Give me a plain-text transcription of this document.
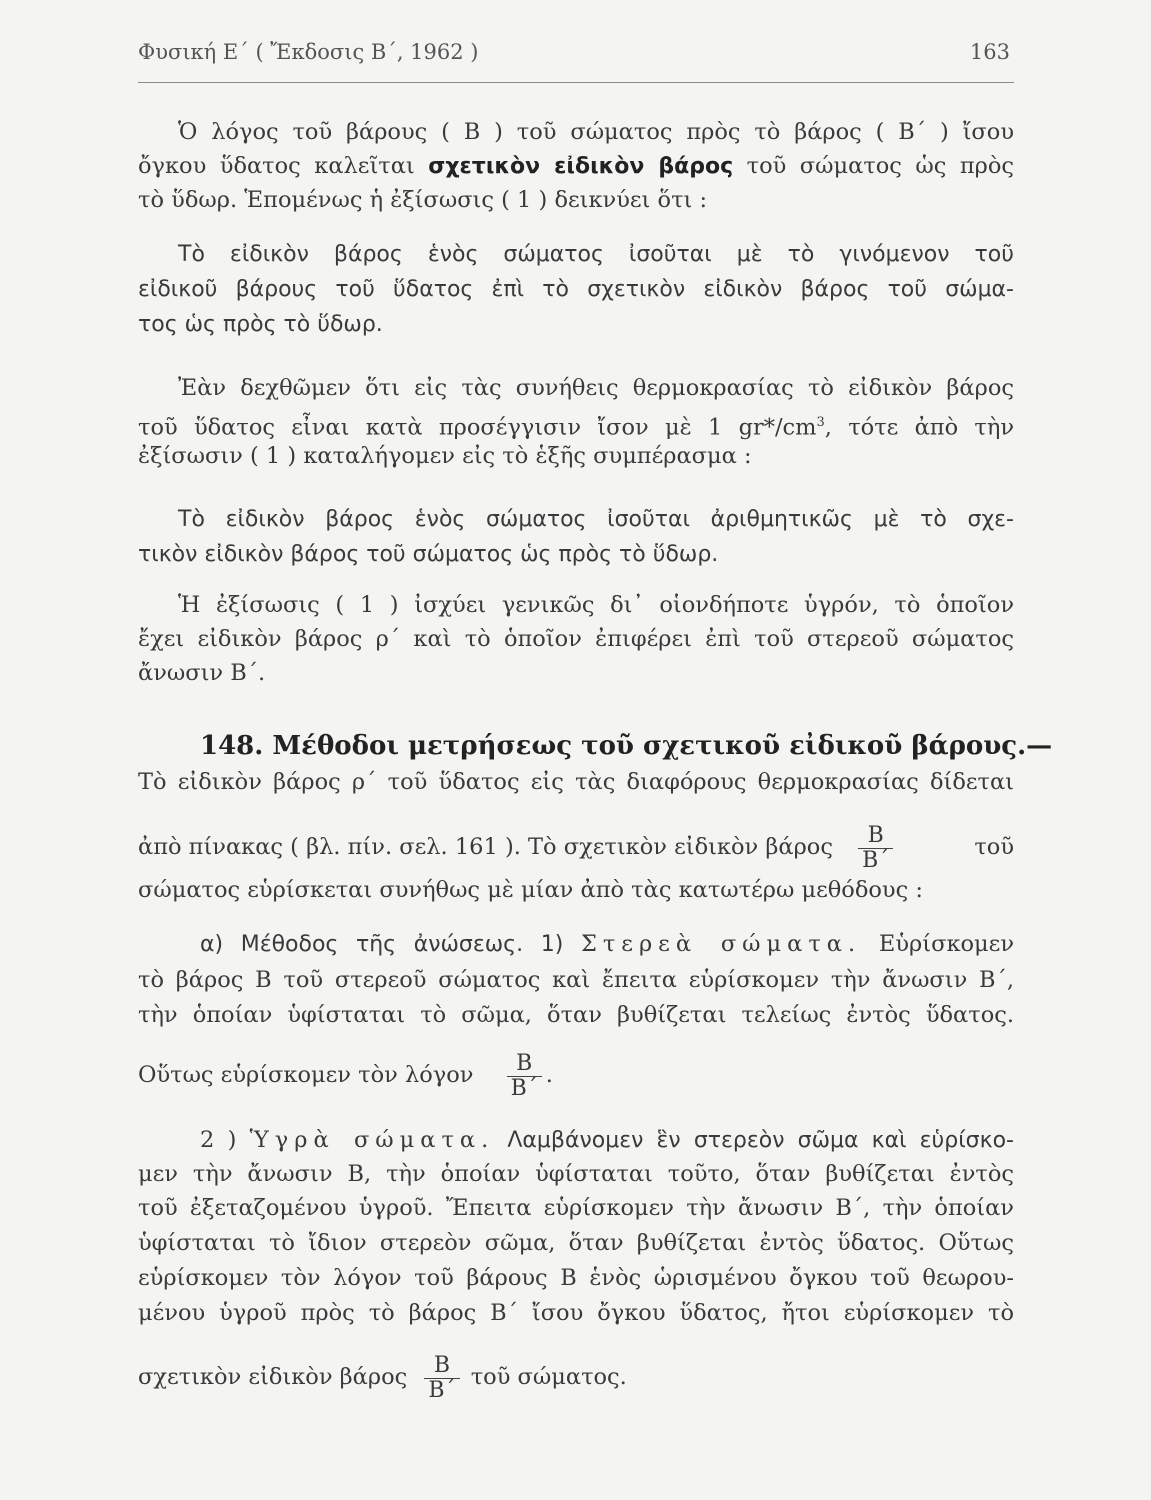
Φυσική Ε΄ ( Ἔκδοσις Β΄, 1962 )	163
Ὁ λόγος τοῦ βάρους ( Β ) τοῦ σώματος πρὸς τὸ βάρος ( Β΄ ) ἴσου
ὄγκου ὕδατος καλεῖται σχετικὸν εἰδικὸν βάρος τοῦ σώματος ὡς πρὸς
τὸ ὕδωρ. Ἑπομένως ἡ ἐξίσωσις ( 1 ) δεικνύει ὅτι :
Τὸ εἰδικὸν βάρος ἑνὸς σώματος ἰσοῦται μὲ τὸ γινόμενον τοῦ
εἰδικοῦ βάρους τοῦ ὕδατος ἐπὶ τὸ σχετικὸν εἰδικὸν βάρος τοῦ σώμα-
τος ὡς πρὸς τὸ ὕδωρ.
Ἐὰν δεχθῶμεν ὅτι εἰς τὰς συνήθεις θερμοκρασίας τὸ εἰδικὸν βάρος
τοῦ ὕδατος εἶναι κατὰ προσέγγισιν ἴσον μὲ 1 $gr*/cm^3$, τότε ἀπὸ τὴν
ἐξίσωσιν ( 1 ) καταλήγομεν εἰς τὸ ἑξῆς συμπέρασμα :
Τὸ εἰδικὸν βάρος ἑνὸς σώματος ἰσοῦται ἀριθμητικῶς μὲ τὸ σχε-
τικὸν εἰδικὸν βάρος τοῦ σώματος ὡς πρὸς τὸ ὕδωρ.
Ἡ ἐξίσωσις ( 1 ) ἰσχύει γενικῶς δι᾽ οἱονδήποτε ὑγρόν, τὸ ὁποῖον
ἔχει εἰδικὸν βάρος ρ΄ καὶ τὸ ὁποῖον ἐπιφέρει ἐπὶ τοῦ στερεοῦ σώματος
ἄνωσιν Β΄.
148. Μέθοδοι μετρήσεως τοῦ σχετικοῦ εἰδικοῦ βάρους.—
Τὸ εἰδικὸν βάρος ρ΄ τοῦ ὕδατος εἰς τὰς διαφόρους θερμοκρασίας δίδεται
ἀπὸ πίνακας ( βλ. πίν. σελ. 161 ). Τὸ σχετικὸν εἰδικὸν βάρος $\frac{B}{B΄}$	τοῦ
σώματος εὑρίσκεται συνήθως μὲ μίαν ἀπὸ τὰς κατωτέρω μεθόδους :
α) Μέθοδος τῆς ἀνώσεως. 1) Στερεὰ σώματα. Εὑρίσκομεν
τὸ βάρος Β τοῦ στερεοῦ σώματος καὶ ἔπειτα εὑρίσκομεν τὴν ἄνωσιν Β΄,
τὴν ὁποίαν ὑφίσταται τὸ σῶμα, ὅταν βυθίζεται τελείως ἐντὸς ὕδατος.
Οὕτως εὑρίσκομεν τὸν λόγον $\frac{B}{B΄}$ .
2 ) Ὑγρὰ σώματα. Λαμβάνομεν ἓν στερεὸν σῶμα καὶ εὑρίσκο-
μεν τὴν ἄνωσιν Β, τὴν ὁποίαν ὑφίσταται τοῦτο, ὅταν βυθίζεται ἐντὸς
τοῦ ἐξεταζομένου ὑγροῦ. Ἔπειτα εὑρίσκομεν τὴν ἄνωσιν Β΄, τὴν ὁποίαν
ὑφίσταται τὸ ἴδιον στερεὸν σῶμα, ὅταν βυθίζεται ἐντὸς ὕδατος. Οὕτως
εὑρίσκομεν τὸν λόγον τοῦ βάρους Β ἑνὸς ὡρισμένου ὄγκου τοῦ θεωρου-
μένου ὑγροῦ πρὸς τὸ βάρος Β΄ ἴσου ὄγκου ὕδατος, ἤτοι εὑρίσκομεν τὸ
σχετικὸν εἰδικὸν βάρος $\frac{B}{B΄}$ τοῦ σώματος.
